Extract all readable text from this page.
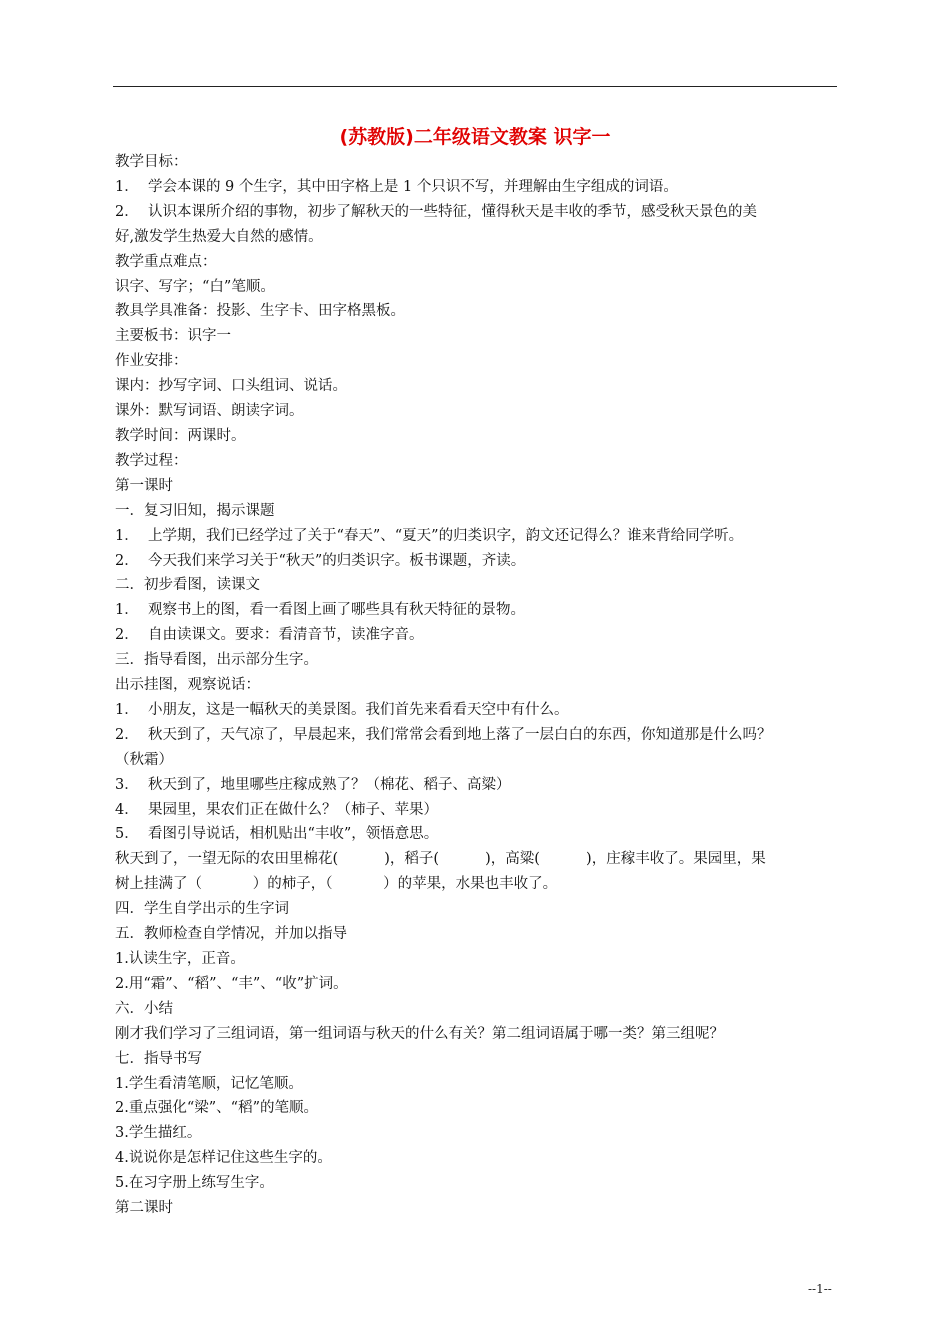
(苏教版)二年级语文教案 识字一
教学目标：
1．  学会本课的 9 个生字，其中田字格上是 1 个只识不写，并理解由生字组成的词语。
2．  认识本课所介绍的事物，初步了解秋天的一些特征，懂得秋天是丰收的季节，感受秋天景色的美
好,激发学生热爱大自然的感情。
教学重点难点：
识字、写字；“白”笔顺。
教具学具准备：投影、生字卡、田字格黑板。
主要板书：识字一
作业安排：
课内：抄写字词、口头组词、说话。
课外：默写词语、朗读字词。
教学时间：两课时。
教学过程：
第一课时
一．复习旧知，揭示课题
1．  上学期，我们已经学过了关于“春天”、“夏天”的归类识字，韵文还记得么？谁来背给同学听。
2．  今天我们来学习关于“秋天”的归类识字。板书课题，齐读。
二．初步看图，读课文
1．  观察书上的图，看一看图上画了哪些具有秋天特征的景物。
2．  自由读课文。要求：看清音节，读准字音。
三．指导看图，出示部分生字。
出示挂图，观察说话：
1．  小朋友，这是一幅秋天的美景图。我们首先来看看天空中有什么。
2．  秋天到了，天气凉了，早晨起来，我们常常会看到地上落了一层白白的东西，你知道那是什么吗？
（秋霜）
3．  秋天到了，地里哪些庄稼成熟了？（棉花、稻子、高粱）
4．  果园里，果农们正在做什么？（柿子、苹果）
5．  看图引导说话，相机贴出“丰收”，领悟意思。
秋天到了，一望无际的农田里棉花(          )，稻子(          )，高粱(          )，庄稼丰收了。果园里，果
树上挂满了（           ）的柿子，（           ）的苹果，水果也丰收了。
四．学生自学出示的生字词
五．教师检查自学情况，并加以指导
1.认读生字，正音。
2.用“霜”、“稻”、“丰”、“收”扩词。
六．小结
刚才我们学习了三组词语，第一组词语与秋天的什么有关？第二组词语属于哪一类？第三组呢？
七．指导书写
1.学生看清笔顺，记忆笔顺。
2.重点强化“梁”、“稻”的笔顺。
3.学生描红。
4.说说你是怎样记住这些生字的。
5.在习字册上练写生字。
第二课时
--1--
